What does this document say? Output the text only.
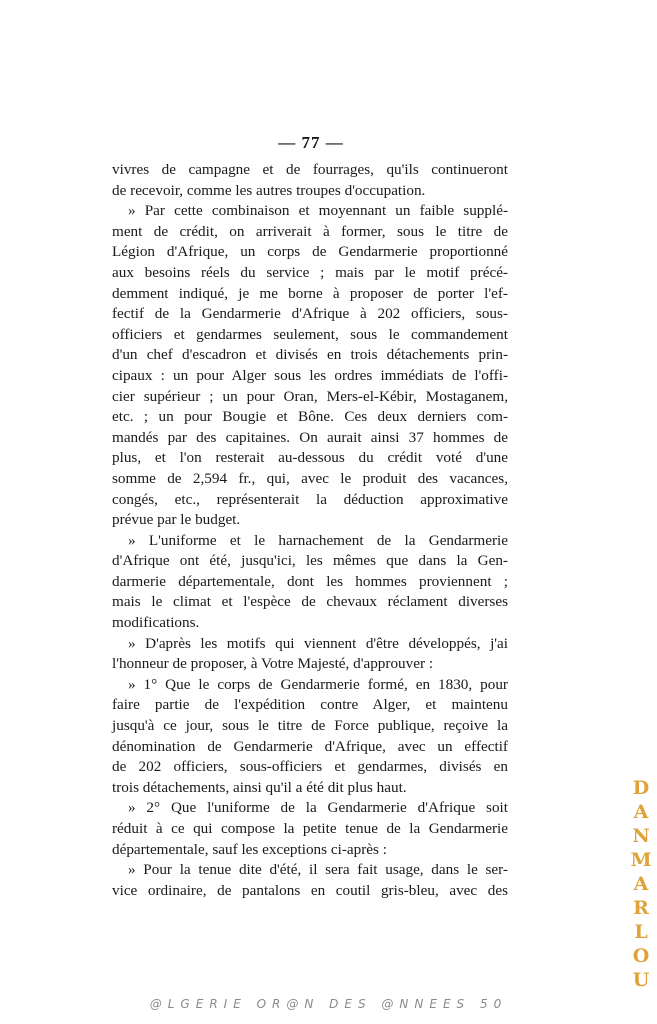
— 77 —
vivres de campagne et de fourrages, qu'ils continueront
de recevoir, comme les autres troupes d'occupation.
» Par cette combinaison et moyennant un faible supplé-
ment de crédit, on arriverait à former, sous le titre de
Légion d'Afrique, un corps de Gendarmerie proportionné
aux besoins réels du service ; mais par le motif précé-
demment indiqué, je me borne à proposer de porter l'ef-
fectif de la Gendarmerie d'Afrique à 202 officiers, sous-
officiers et gendarmes seulement, sous le commandement
d'un chef d'escadron et divisés en trois détachements prin-
cipaux : un pour Alger sous les ordres immédiats de l'offi-
cier supérieur ; un pour Oran, Mers-el-Kébir, Mostaganem,
etc. ; un pour Bougie et Bône. Ces deux derniers com-
mandés par des capitaines. On aurait ainsi 37 hommes de
plus, et l'on resterait au-dessous du crédit voté d'une
somme de 2,594 fr., qui, avec le produit des vacances,
congés, etc., représenterait la déduction approximative
prévue par le budget.
» L'uniforme et le harnachement de la Gendarmerie
d'Afrique ont été, jusqu'ici, les mêmes que dans la Gen-
darmerie départementale, dont les hommes proviennent ;
mais le climat et l'espèce de chevaux réclament diverses
modifications.
» D'après les motifs qui viennent d'être développés, j'ai
l'honneur de proposer, à Votre Majesté, d'approuver :
» 1° Que le corps de Gendarmerie formé, en 1830, pour
faire partie de l'expédition contre Alger, et maintenu
jusqu'à ce jour, sous le titre de Force publique, reçoive la
dénomination de Gendarmerie d'Afrique, avec un effectif
de 202 officiers, sous-officiers et gendarmes, divisés en
trois détachements, ainsi qu'il a été dit plus haut.
» 2° Que l'uniforme de la Gendarmerie d'Afrique soit
réduit à ce qui compose la petite tenue de la Gendarmerie
départementale, sauf les exceptions ci-après :
» Pour la tenue dite d'été, il sera fait usage, dans le ser-
vice ordinaire, de pantalons en coutil gris-bleu, avec des
D
A
N
M
A
R
L
O
U
@LGERIE OR@N DES @NNEES 50
